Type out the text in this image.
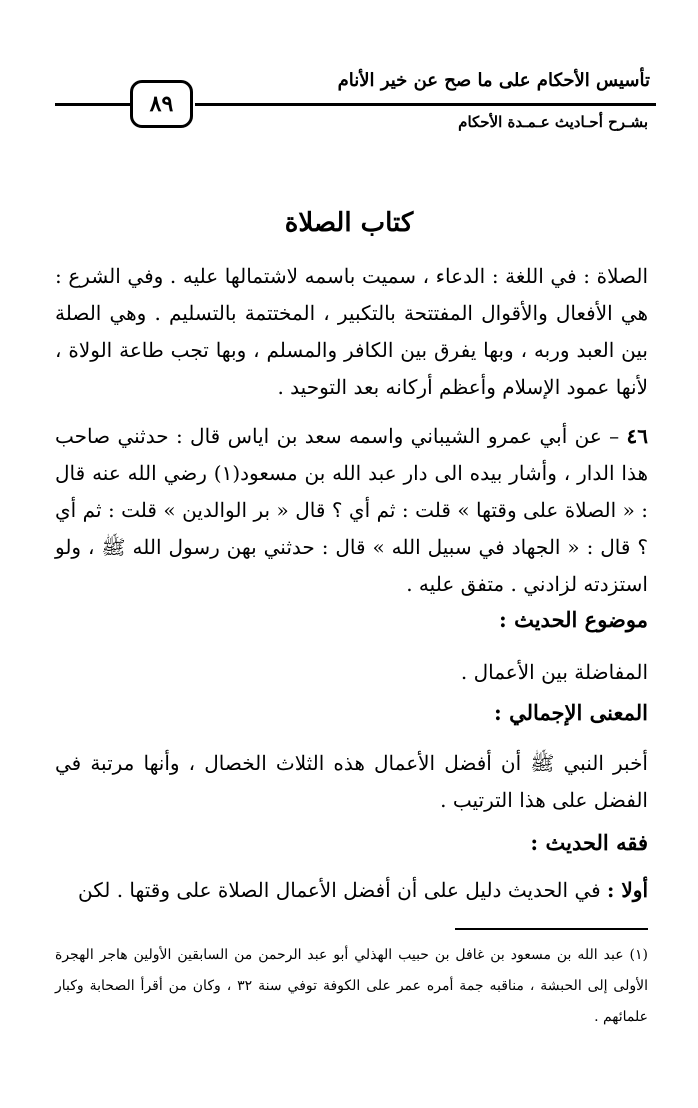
تأسيس الأحكام على ما صح عن خير الأنام
٨٩
بشـرح أحـاديث عـمـدة الأحكام
كتاب الصلاة
الصلاة : في اللغة : الدعاء ، سميت باسمه لاشتمالها عليه . وفي الشرع : هي الأفعال والأقوال المفتتحة بالتكبير ، المختتمة بالتسليم . وهي الصلة بين العبد وربه ، وبها يفرق بين الكافر والمسلم ، وبها تجب طاعة الولاة ، لأنها عمود الإسلام وأعظم أركانه بعد التوحيد .
٤٦ – عن أبي عمرو الشيباني واسمه سعد بن اياس قال : حدثني صاحب هذا الدار ، وأشار بيده الى دار عبد الله بن مسعود(١) رضي الله عنه قال : « الصلاة على وقتها » قلت : ثم أي ؟ قال « بر الوالدين » قلت : ثم أي ؟ قال : « الجهاد في سبيل الله » قال : حدثني بهن رسول الله ﷺ ، ولو استزدته لزادني . متفق عليه .
موضوع الحديث :
المفاضلة بين الأعمال .
المعنى الإجمالي :
أخبر النبي ﷺ أن أفضل الأعمال هذه الثلاث الخصال ، وأنها مرتبة في الفضل على هذا الترتيب .
فقه الحديث :
أولا : في الحديث دليل على أن أفضل الأعمال الصلاة على وقتها . لكن
(١) عبد الله بن مسعود بن غافل بن حبيب الهذلي أبو عبد الرحمن من السابقين الأولين هاجر الهجرة الأولى إلى الحبشة ، مناقبه جمة أمره عمر على الكوفة توفي سنة ٣٢ ، وكان من أقرأ الصحابة وكبار علمائهم .
